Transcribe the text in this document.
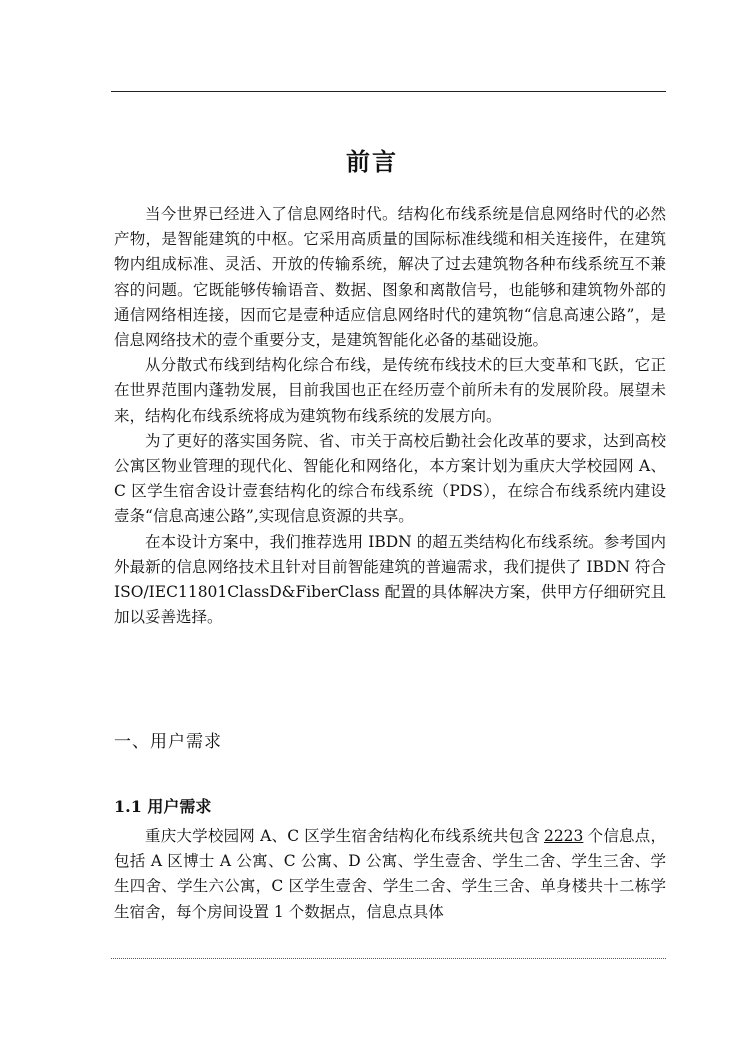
前言

当今世界已经进入了信息网络时代。结构化布线系统是信息网络时代的必然产物，是智能建筑的中枢。它采用高质量的国际标准线缆和相关连接件，在建筑物内组成标准、灵活、开放的传输系统，解决了过去建筑物各种布线系统互不兼容的问题。它既能够传输语音、数据、图象和离散信号，也能够和建筑物外部的通信网络相连接，因而它是壹种适应信息网络时代的建筑物“信息高速公路”，是信息网络技术的壹个重要分支，是建筑智能化必备的基础设施。

从分散式布线到结构化综合布线，是传统布线技术的巨大变革和飞跃，它正在世界范围内蓬勃发展，目前我国也正在经历壹个前所未有的发展阶段。展望未来，结构化布线系统将成为建筑物布线系统的发展方向。

为了更好的落实国务院、省、市关于高校后勤社会化改革的要求，达到高校公寓区物业管理的现代化、智能化和网络化，本方案计划为重庆大学校园网 A、C 区学生宿舍设计壹套结构化的综合布线系统（PDS），在综合布线系统内建设壹条“信息高速公路”,实现信息资源的共享。

在本设计方案中，我们推荐选用 IBDN 的超五类结构化布线系统。参考国内外最新的信息网络技术且针对目前智能建筑的普遍需求，我们提供了 IBDN 符合 ISO/IEC11801ClassD&FiberClass 配置的具体解决方案，供甲方仔细研究且加以妥善选择。

一、用户需求
1.1 用户需求

重庆大学校园网 A、C 区学生宿舍结构化布线系统共包含 2223 个信息点，包括 A 区博士 A 公寓、C 公寓、D 公寓、学生壹舍、学生二舍、学生三舍、学生四舍、学生六公寓，C 区学生壹舍、学生二舍、学生三舍、单身楼共十二栋学生宿舍，每个房间设置 1 个数据点，信息点具体
